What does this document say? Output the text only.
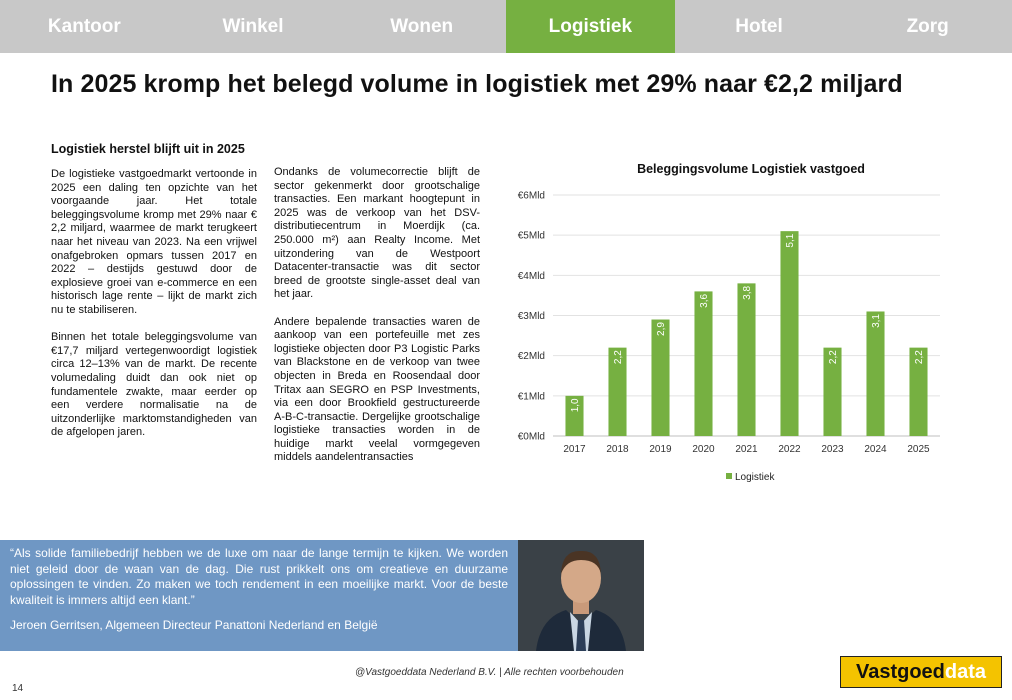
Kantoor	Winkel	Wonen	Logistiek	Hotel	Zorg
In 2025 kromp het belegd volume in logistiek met 29% naar €2,2 miljard
Logistiek herstel blijft uit in 2025

De logistieke vastgoedmarkt vertoonde in 2025 een daling ten opzichte van het voorgaande jaar. Het totale beleggingsvolume kromp met 29% naar € 2,2 miljard, waarmee de markt terugkeert naar het niveau van 2023. Na een vrijwel onafgebroken opmars tussen 2017 en 2022 – destijds gestuwd door de explosieve groei van e-commerce en een historisch lage rente – lijkt de markt zich nu te stabiliseren.

Binnen het totale beleggingsvolume van €17,7 miljard vertegenwoordigt logistiek circa 12–13% van de markt. De recente volumedaling duidt dan ook niet op fundamentele zwakte, maar eerder op een verdere normalisatie na de uitzonderlijke marktomstandigheden van de afgelopen jaren.

Ondanks de volumecorrectie blijft de sector gekenmerkt door grootschalige transacties. Een markant hoogtepunt in 2025 was de verkoop van het DSV-distributiecentrum in Moerdijk (ca. 250.000 m²) aan Realty Income. Met uitzondering van de Westpoort Datacenter-transactie was dit sector breed de grootste single-asset deal van het jaar.

Andere bepalende transacties waren de aankoop van een portefeuille met zes logistieke objecten door P3 Logistic Parks van Blackstone en de verkoop van twee objecten in Breda en Roosendaal door Tritax aan SEGRO en PSP Investments, via een door Brookfield gestructureerde A-B-C-transactie. Dergelijke grootschalige logistieke transacties worden in de huidige markt veelal vormgegeven middels aandelentransacties

Beleggingsvolume Logistiek vastgoed
€0Mld
€1Mld
€2Mld
€3Mld
€4Mld
€5Mld
€6Mld
1,0
2017
2,2
2018
2,9
2019
3,6
2020
3,8
2021
5,1
2022
2,2
2023
3,1
2024
2,2
2025
Logistiek
“Als solide familiebedrijf hebben we de luxe om naar de lange termijn te kijken. We worden niet geleid door de waan van de dag. Die rust prikkelt ons om creatieve en duurzame oplossingen te vinden. Zo maken we toch rendement in een moeilijke markt. Voor de beste kwaliteit is immers altijd een klant.”
Jeroen Gerritsen, Algemeen Directeur Panattoni Nederland en België
@Vastgoeddata Nederland B.V. | Alle rechten voorbehouden
14
Vastgoed data
